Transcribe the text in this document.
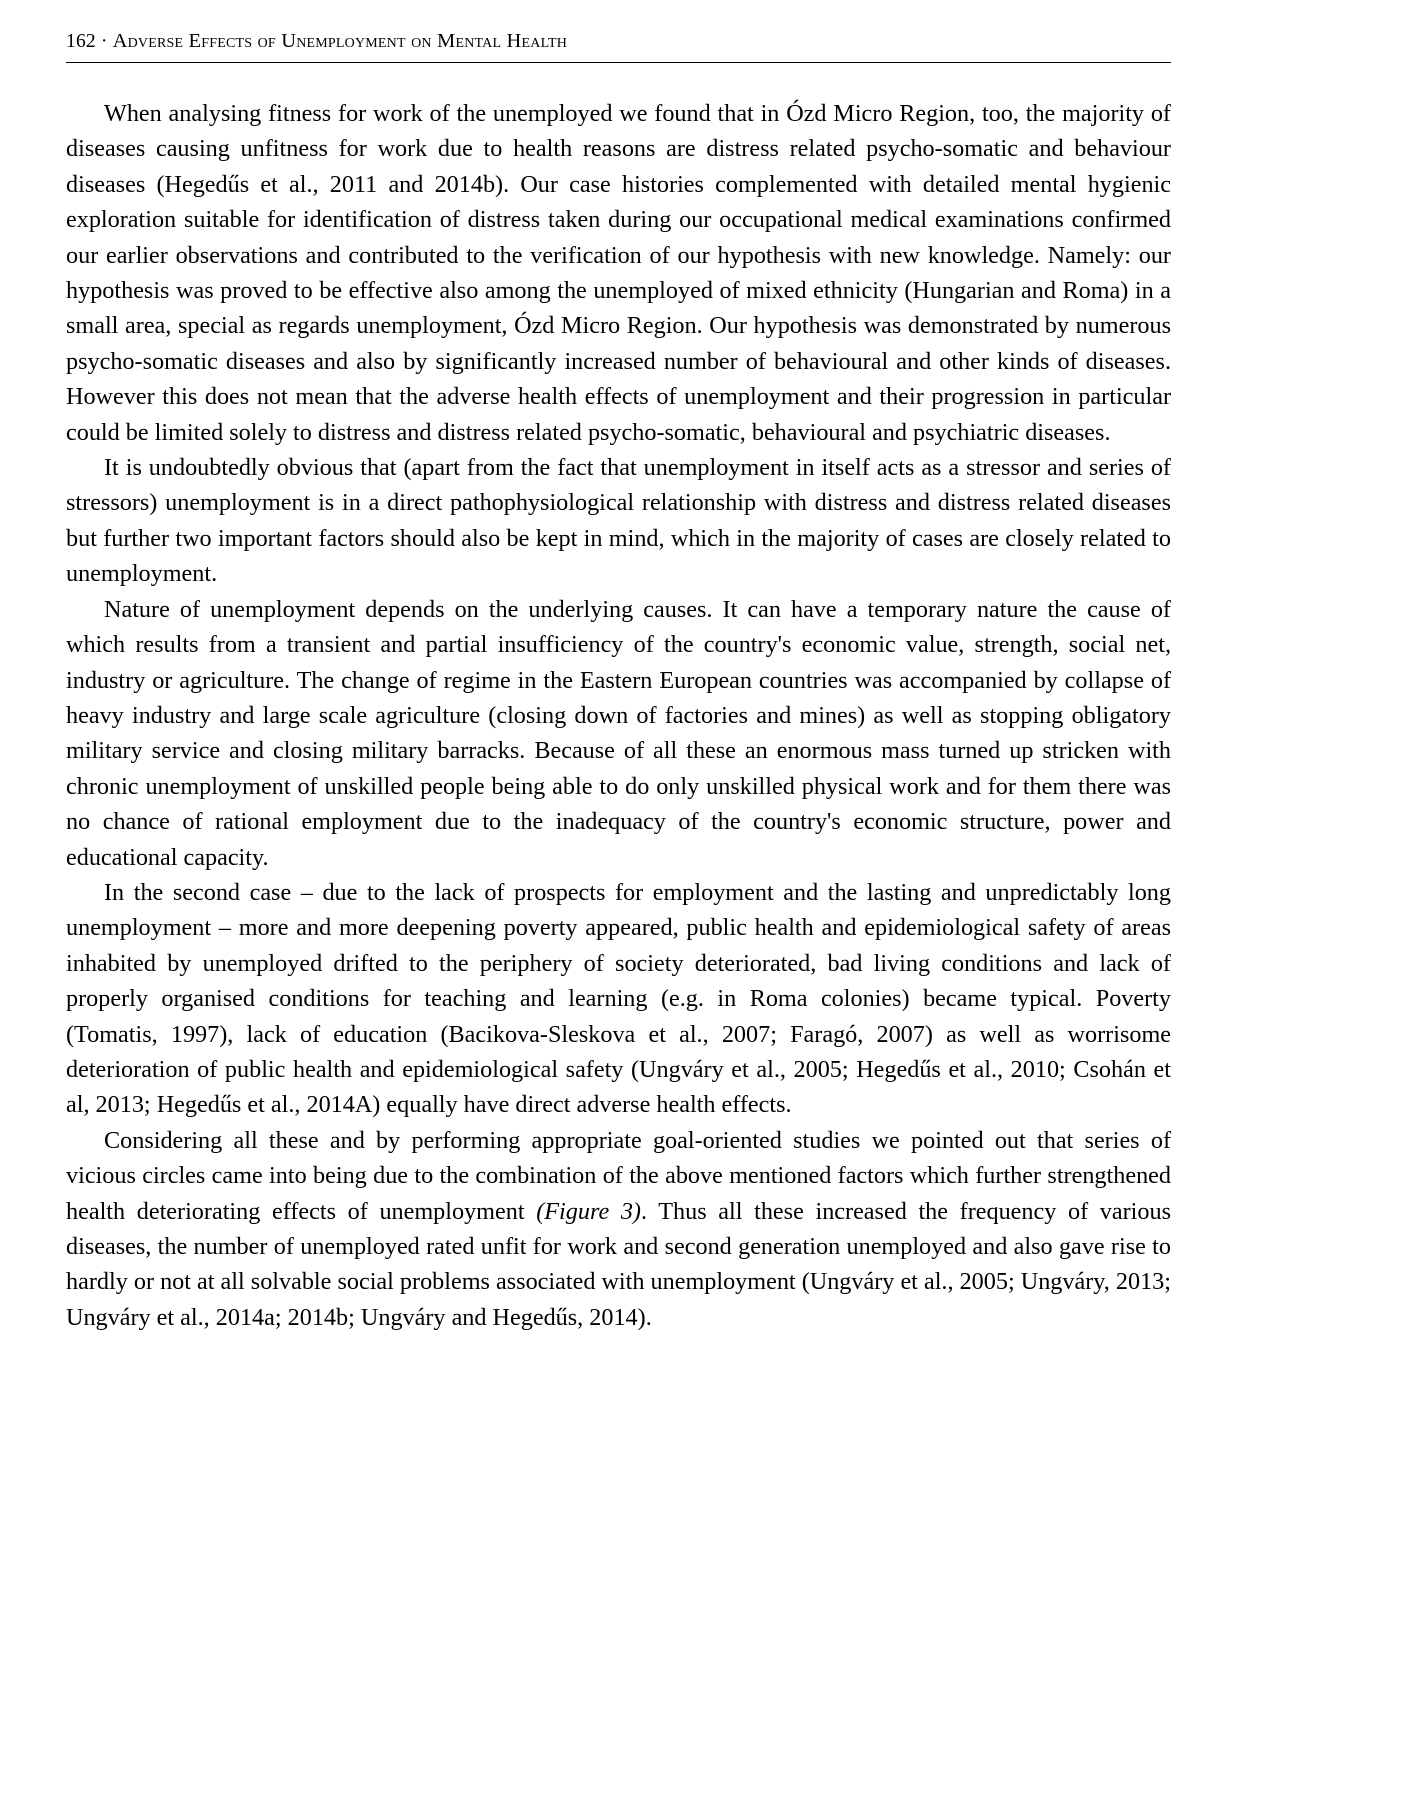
162 · Adverse Effects of Unemployment on Mental Health

When analysing fitness for work of the unemployed we found that in Ózd Micro Region, too, the majority of diseases causing unfitness for work due to health reasons are distress related psycho-somatic and behaviour diseases (Hegedűs et al., 2011 and 2014b). Our case histories complemented with detailed mental hygienic exploration suitable for identification of distress taken during our occupational medical examinations confirmed our earlier observations and contributed to the verification of our hypothesis with new knowledge. Namely: our hypothesis was proved to be effective also among the unemployed of mixed ethnicity (Hungarian and Roma) in a small area, special as regards unemployment, Ózd Micro Region. Our hypothesis was demonstrated by numerous psycho-somatic diseases and also by significantly increased number of behavioural and other kinds of diseases. However this does not mean that the adverse health effects of unemployment and their progression in particular could be limited solely to distress and distress related psycho-somatic, behavioural and psychiatric diseases.

It is undoubtedly obvious that (apart from the fact that unemployment in itself acts as a stressor and series of stressors) unemployment is in a direct pathophysiological relationship with distress and distress related diseases but further two important factors should also be kept in mind, which in the majority of cases are closely related to unemployment.

Nature of unemployment depends on the underlying causes. It can have a temporary nature the cause of which results from a transient and partial insufficiency of the country's economic value, strength, social net, industry or agriculture. The change of regime in the Eastern European countries was accompanied by collapse of heavy industry and large scale agriculture (closing down of factories and mines) as well as stopping obligatory military service and closing military barracks. Because of all these an enormous mass turned up stricken with chronic unemployment of unskilled people being able to do only unskilled physical work and for them there was no chance of rational employment due to the inadequacy of the country's economic structure, power and educational capacity.

In the second case – due to the lack of prospects for employment and the lasting and unpredictably long unemployment – more and more deepening poverty appeared, public health and epidemiological safety of areas inhabited by unemployed drifted to the periphery of society deteriorated, bad living conditions and lack of properly organised conditions for teaching and learning (e.g. in Roma colonies) became typical. Poverty (Tomatis, 1997), lack of education (Bacikova-Sleskova et al., 2007; Faragó, 2007) as well as worrisome deterioration of public health and epidemiological safety (Ungváry et al., 2005; Hegedűs et al., 2010; Csohán et al, 2013; Hegedűs et al., 2014A) equally have direct adverse health effects.

Considering all these and by performing appropriate goal-oriented studies we pointed out that series of vicious circles came into being due to the combination of the above mentioned factors which further strengthened health deteriorating effects of unemployment (Figure 3). Thus all these increased the frequency of various diseases, the number of unemployed rated unfit for work and second generation unemployed and also gave rise to hardly or not at all solvable social problems associated with unemployment (Ungváry et al., 2005; Ungváry, 2013; Ungváry et al., 2014a; 2014b; Ungváry and Hegedűs, 2014).
